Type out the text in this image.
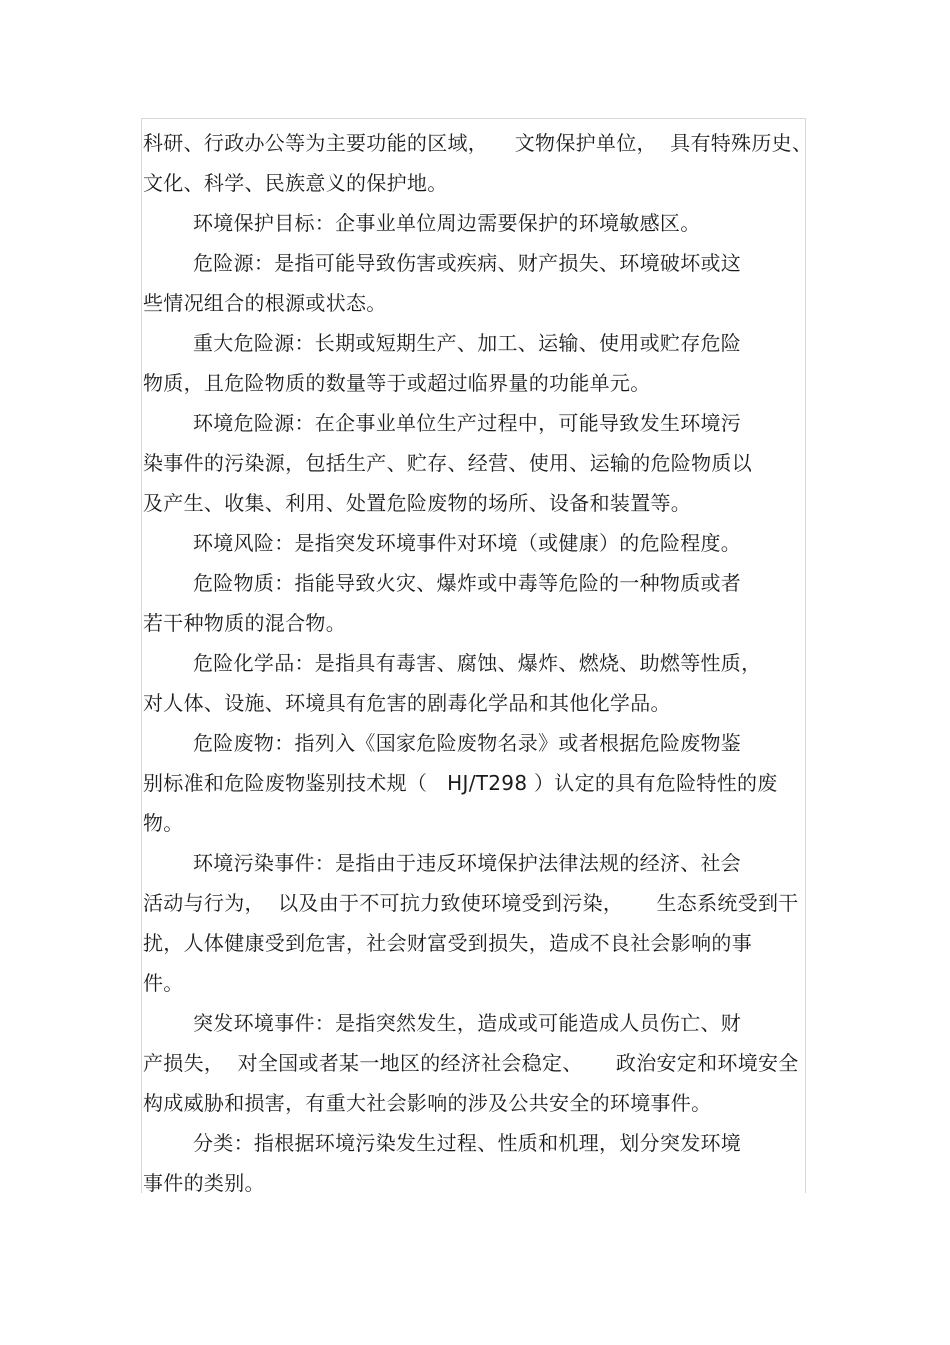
科研、行政办公等为主要功能的区域，    文物保护单位，  具有特殊历史、
文化、科学、民族意义的保护地。

环境保护目标：企事业单位周边需要保护的环境敏感区。

危险源：是指可能导致伤害或疾病、财产损失、环境破坏或这
些情况组合的根源或状态。

重大危险源：长期或短期生产、加工、运输、使用或贮存危险
物质，且危险物质的数量等于或超过临界量的功能单元。

环境危险源：在企事业单位生产过程中，可能导致发生环境污
染事件的污染源，包括生产、贮存、经营、使用、运输的危险物质以
及产生、收集、利用、处置危险废物的场所、设备和装置等。

环境风险：是指突发环境事件对环境（或健康）的危险程度。

危险物质：指能导致火灾、爆炸或中毒等危险的一种物质或者
若干种物质的混合物。

危险化学品：是指具有毒害、腐蚀、爆炸、燃烧、助燃等性质，
对人体、设施、环境具有危害的剧毒化学品和其他化学品。

危险废物：指列入《国家危险废物名录》或者根据危险废物鉴
别标准和危险废物鉴别技术规（   HJ/T298 ）认定的具有危险特性的废
物。

环境污染事件：是指由于违反环境保护法律法规的经济、社会
活动与行为，  以及由于不可抗力致使环境受到污染，     生态系统受到干
扰，人体健康受到危害，社会财富受到损失，造成不良社会影响的事
件。

突发环境事件：是指突然发生，造成或可能造成人员伤亡、财
产损失，  对全国或者某一地区的经济社会稳定、     政治安定和环境安全
构成威胁和损害，有重大社会影响的涉及公共安全的环境事件。

分类：指根据环境污染发生过程、性质和机理，划分突发环境
事件的类别。
